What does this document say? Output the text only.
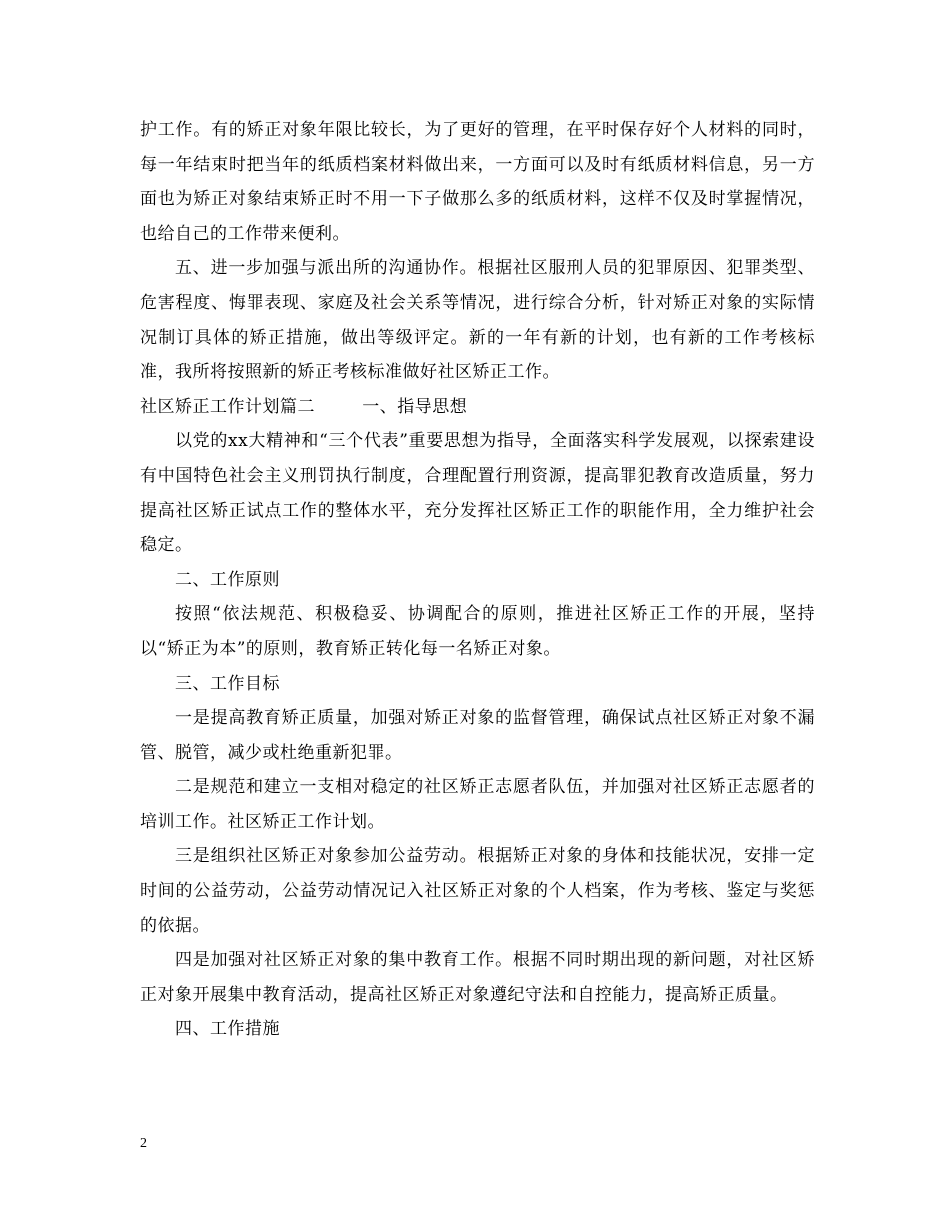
护工作。有的矫正对象年限比较长，为了更好的管理，在平时保存好个人材料的同时，每一年结束时把当年的纸质档案材料做出来，一方面可以及时有纸质材料信息，另一方面也为矫正对象结束矫正时不用一下子做那么多的纸质材料，这样不仅及时掌握情况，也给自己的工作带来便利。

五、进一步加强与派出所的沟通协作。根据社区服刑人员的犯罪原因、犯罪类型、危害程度、悔罪表现、家庭及社会关系等情况，进行综合分析，针对矫正对象的实际情况制订具体的矫正措施，做出等级评定。新的一年有新的计划，也有新的工作考核标准，我所将按照新的矫正考核标准做好社区矫正工作。

社区矫正工作计划篇二        一、指导思想

以党的xx大精神和“三个代表”重要思想为指导，全面落实科学发展观，以探索建设有中国特色社会主义刑罚执行制度，合理配置行刑资源，提高罪犯教育改造质量，努力提高社区矫正试点工作的整体水平，充分发挥社区矫正工作的职能作用，全力维护社会稳定。

二、工作原则

按照“依法规范、积极稳妥、协调配合的原则，推进社区矫正工作的开展，坚持以“矫正为本”的原则，教育矫正转化每一名矫正对象。

三、工作目标

一是提高教育矫正质量，加强对矫正对象的监督管理，确保试点社区矫正对象不漏管、脱管，减少或杜绝重新犯罪。

二是规范和建立一支相对稳定的社区矫正志愿者队伍，并加强对社区矫正志愿者的培训工作。社区矫正工作计划。

三是组织社区矫正对象参加公益劳动。根据矫正对象的身体和技能状况，安排一定时间的公益劳动，公益劳动情况记入社区矫正对象的个人档案，作为考核、鉴定与奖惩的依据。

四是加强对社区矫正对象的集中教育工作。根据不同时期出现的新问题，对社区矫正对象开展集中教育活动，提高社区矫正对象遵纪守法和自控能力，提高矫正质量。

四、工作措施

2
